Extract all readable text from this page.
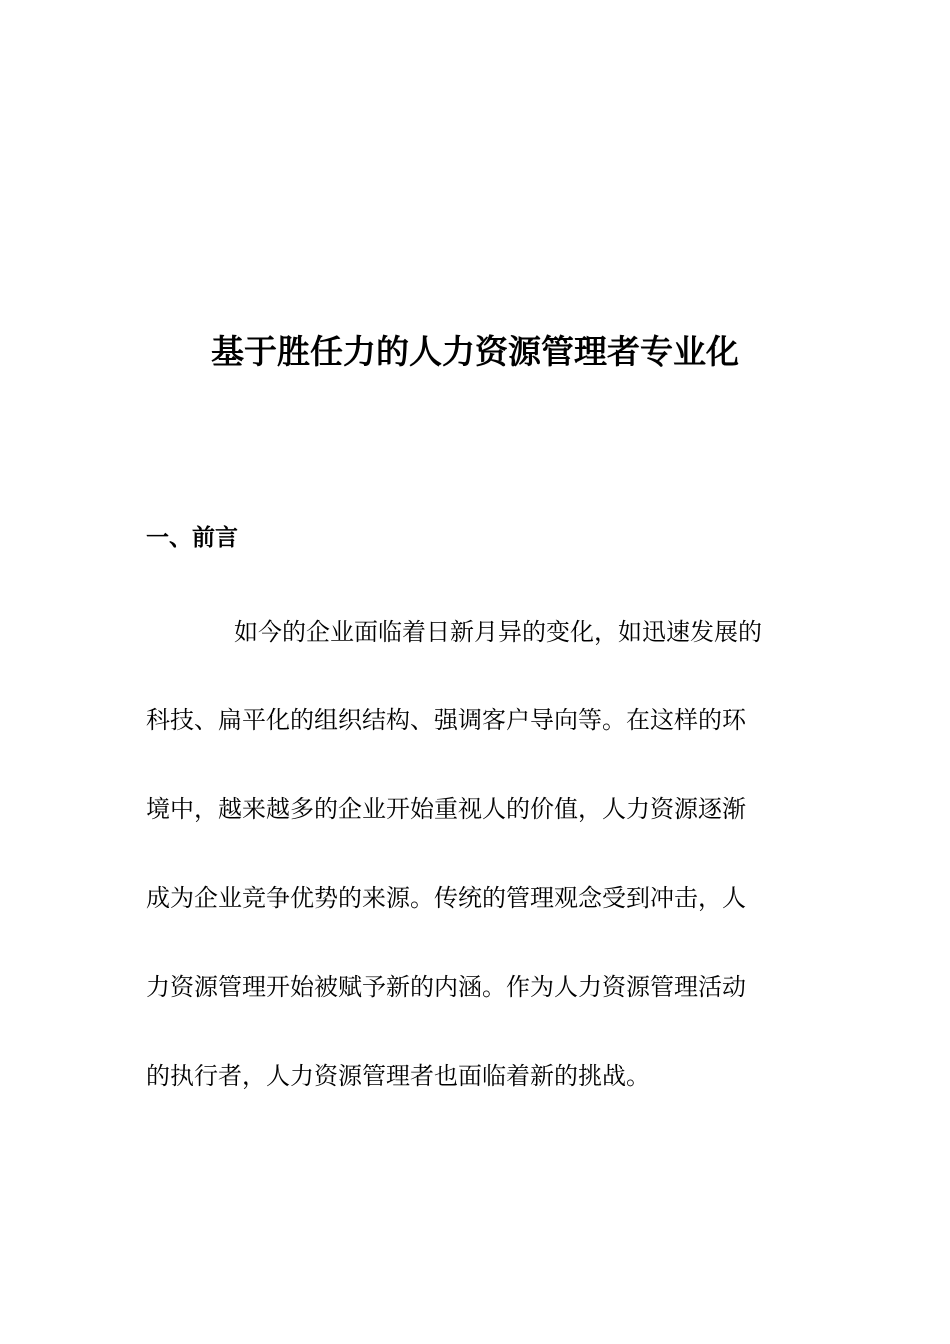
基于胜任力的人力资源管理者专业化
一、前言
如今的企业面临着日新月异的变化，如迅速发展的
科技、扁平化的组织结构、强调客户导向等。在这样的环
境中，越来越多的企业开始重视人的价值，人力资源逐渐
成为企业竞争优势的来源。传统的管理观念受到冲击，人
力资源管理开始被赋予新的内涵。作为人力资源管理活动
的执行者，人力资源管理者也面临着新的挑战。
